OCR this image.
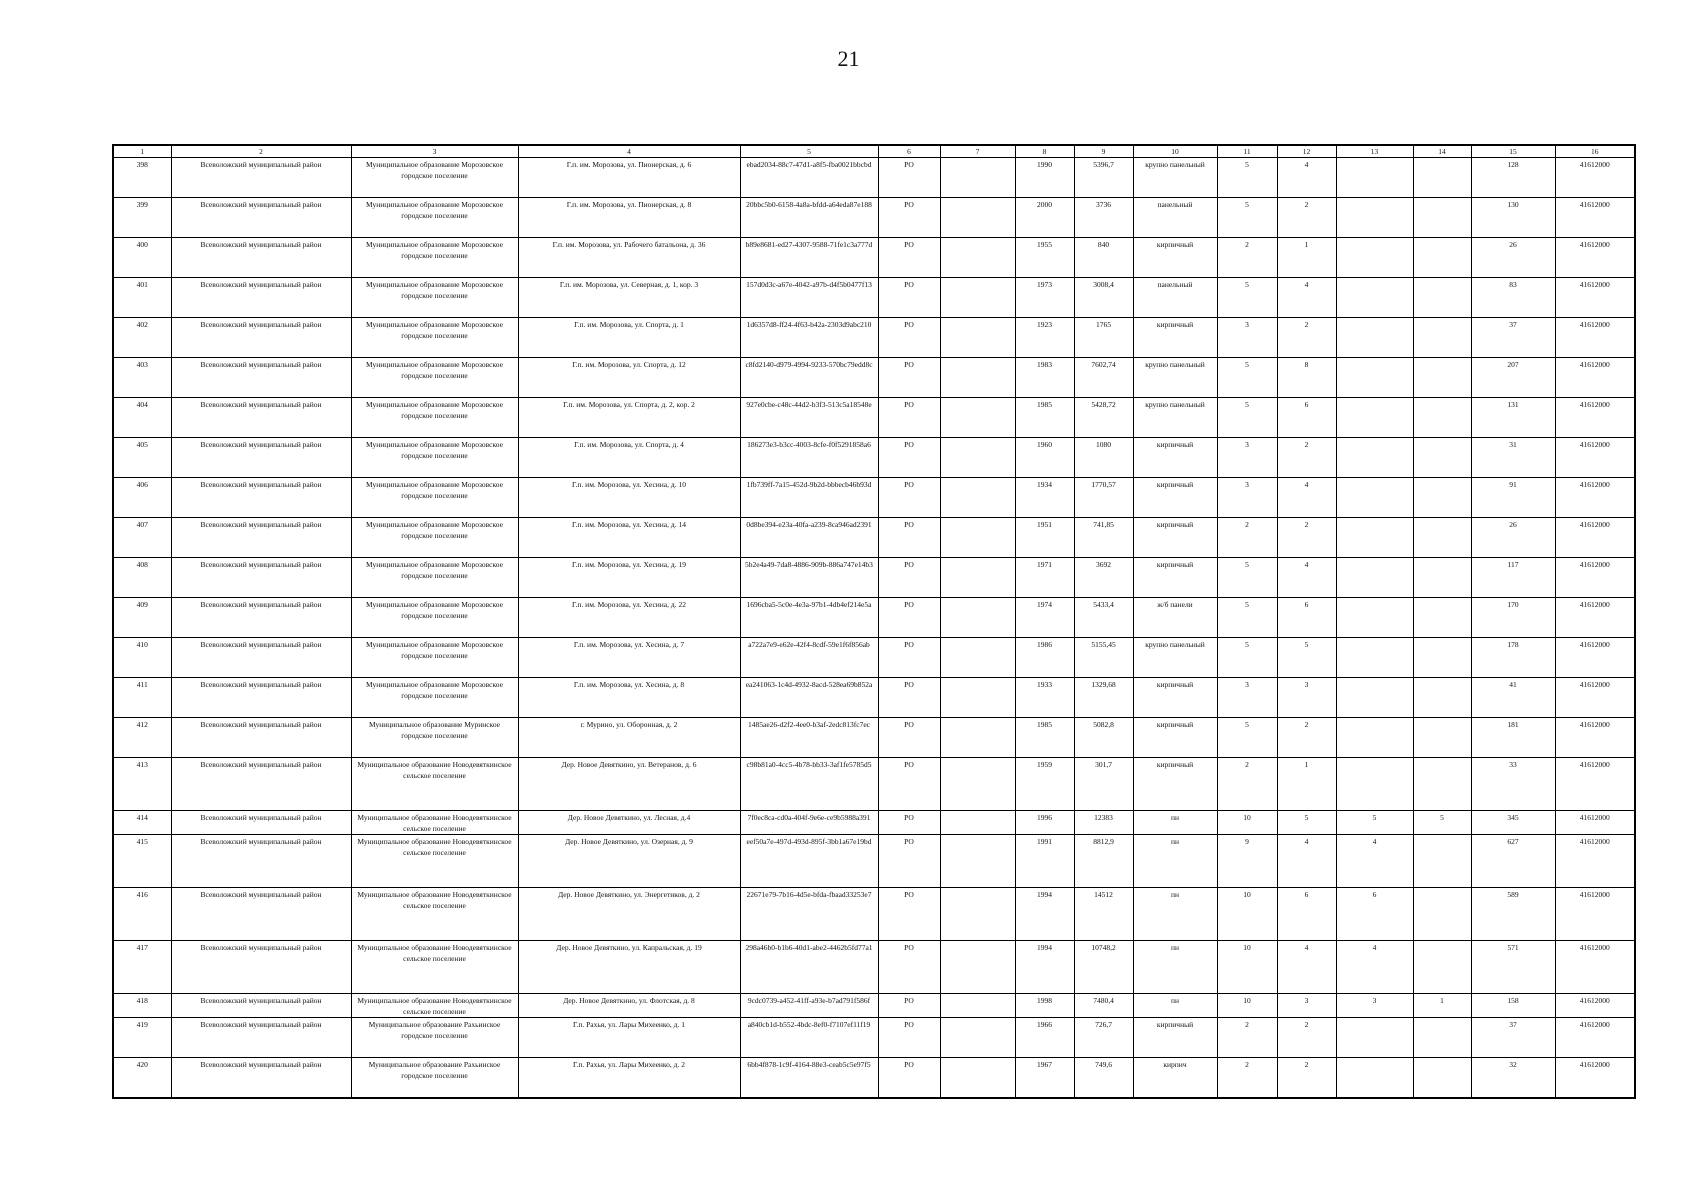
21
1	2	3	4	5	6	7	8	9	10	11	12	13	14	15	16
398	Всеволожский муниципальный район	Муниципальное образование Морозовское городское поселение	Г.п. им. Морозова, ул. Пионерская, д. 6	ebad2034-88c7-47d1-a8f5-fba0021bbcbd	РО		1990	5396,7	крупно панельный	5	4			128	41612000
399	Всеволожский муниципальный район	Муниципальное образование Морозовское городское поселение	Г.п. им. Морозова, ул. Пионерская, д. 8	20bbc5b0-6158-4a8a-bfdd-a64eda87e188	РО		2000	3736	панельный	5	2			130	41612000
400	Всеволожский муниципальный район	Муниципальное образование Морозовское городское поселение	Г.п. им. Морозова, ул. Рабочего батальона, д. 36	b89e8681-ed27-4307-9588-71fe1c3a777d	РО		1955	840	кирпичный	2	1			26	41612000
401	Всеволожский муниципальный район	Муниципальное образование Морозовское городское поселение	Г.п. им. Морозова, ул. Северная, д. 1, кор. 3	157d0d3c-a67e-4042-a97b-d4f5b0477f13	РО		1973	3008,4	панельный	5	4			83	41612000
402	Всеволожский муниципальный район	Муниципальное образование Морозовское городское поселение	Г.п. им. Морозова, ул. Спорта, д. 1	1d6357d8-ff24-4f63-b42a-2303d9abc210	РО		1923	1765	кирпичный	3	2			37	41612000
403	Всеволожский муниципальный район	Муниципальное образование Морозовское городское поселение	Г.п. им. Морозова, ул. Спорта, д. 12	c8fd2140-d979-4994-9233-570bc79edd8c	РО		1983	7602,74	крупно панельный	5	8			207	41612000
404	Всеволожский муниципальный район	Муниципальное образование Морозовское городское поселение	Г.п. им. Морозова, ул. Спорта, д. 2, кор. 2	927e0cbe-c48c-44d2-b3f3-513c5a18548e	РО		1985	5428,72	крупно панельный	5	6			131	41612000
405	Всеволожский муниципальный район	Муниципальное образование Морозовское городское поселение	Г.п. им. Морозова, ул. Спорта, д. 4	186273e3-b3cc-4003-8cfe-f0f5291858a6	РО		1960	1080	кирпичный	3	2			31	41612000
406	Всеволожский муниципальный район	Муниципальное образование Морозовское городское поселение	Г.п. им. Морозова, ул. Хесина, д. 10	1fb739ff-7a15-452d-9b2d-bbbecb46b93d	РО		1934	1770,57	кирпичный	3	4			91	41612000
407	Всеволожский муниципальный район	Муниципальное образование Морозовское городское поселение	Г.п. им. Морозова, ул. Хесина, д. 14	0d8be394-e23a-40fa-a239-8ca946ad2391	РО		1951	741,85	кирпичный	2	2			26	41612000
408	Всеволожский муниципальный район	Муниципальное образование Морозовское городское поселение	Г.п. им. Морозова, ул. Хесина, д. 19	5b2e4a49-7da8-4886-909b-886a747e14b3	РО		1971	3692	кирпичный	5	4			117	41612000
409	Всеволожский муниципальный район	Муниципальное образование Морозовское городское поселение	Г.п. им. Морозова, ул. Хесина, д. 22	1696cba5-5c0e-4e3a-97b1-4db4ef214e5a	РО		1974	5433,4	ж/б панели	5	6			170	41612000
410	Всеволожский муниципальный район	Муниципальное образование Морозовское городское поселение	Г.п. им. Морозова, ул. Хесина, д. 7	a722a7e9-e62e-42f4-8cdf-59e1f6f856ab	РО		1986	5155,45	крупно панельный	5	5			178	41612000
411	Всеволожский муниципальный район	Муниципальное образование Морозовское городское поселение	Г.п. им. Морозова, ул. Хесина, д. 8	ea241063-1c4d-4932-8acd-528ea69b852a	РО		1933	1329,68	кирпичный	3	3			41	41612000
412	Всеволожский муниципальный район	Муниципальное образование Муринское городское поселение	г. Мурино, ул. Оборонная, д. 2	1485ae26-d2f2-4ee0-b3af-2edc813fc7ec	РО		1985	5082,8	кирпичный	5	2			181	41612000
413	Всеволожский муниципальный район	Муниципальное образование Новодевяткинское сельское поселение	Дер. Новое Девяткино, ул. Ветеранов, д. 6	c98b81a0-4cc5-4b78-bb33-3af1fe5785d5	РО		1959	301,7	кирпичный	2	1			33	41612000
414	Всеволожский муниципальный район	Муниципальное образование Новодевяткинское сельское поселение	Дер. Новое Девяткино, ул. Лесная, д.4	7f0ec8ca-cd0a-404f-9e6e-ce9b5988a391	РО		1996	12383	пн	10	5	5	5	345	41612000
415	Всеволожский муниципальный район	Муниципальное образование Новодевяткинское сельское поселение	Дер. Новое Девяткино, ул. Озерная, д. 9	eef50a7e-497d-493d-895f-3bb1a67e19bd	РО		1991	8812,9	пн	9	4	4		627	41612000
416	Всеволожский муниципальный район	Муниципальное образование Новодевяткинское сельское поселение	Дер. Новое Девяткино, ул. Энергетиков, д. 2	22671e79-7b16-4d5e-bfda-fbaad33253e7	РО		1994	14512	пн	10	6	6		589	41612000
417	Всеволожский муниципальный район	Муниципальное образование Новодевяткинское сельское поселение	Дер. Новое Девяткино, ул. Капральская, д. 19	298a46b0-b1b6-40d1-abe2-4462b5fd77a1	РО		1994	10748,2	пн	10	4	4		571	41612000
418	Всеволожский муниципальный район	Муниципальное образование Новодевяткинское сельское поселение	Дер. Новое Девяткино, ул. Флотская, д. 8	9cdc0739-a452-41ff-a93e-b7ad791f586f	РО		1998	7480,4	пн	10	3	3	1	158	41612000
419	Всеволожский муниципальный район	Муниципальное образование Рахьинское городское поселение	Г.п. Рахья, ул. Лары Михеенко, д. 1	a840cb1d-b552-4bdc-8ef0-f7107ef11f19	РО		1966	726,7	кирпичный	2	2			37	41612000
420	Всеволожский муниципальный район	Муниципальное образование Рахьинское городское поселение	Г.п. Рахья, ул. Лары Михеенко, д. 2	6bb4f878-1c9f-4164-88e3-ceab5c5e97f5	РО		1967	749,6	кирпич	2	2			32	41612000
